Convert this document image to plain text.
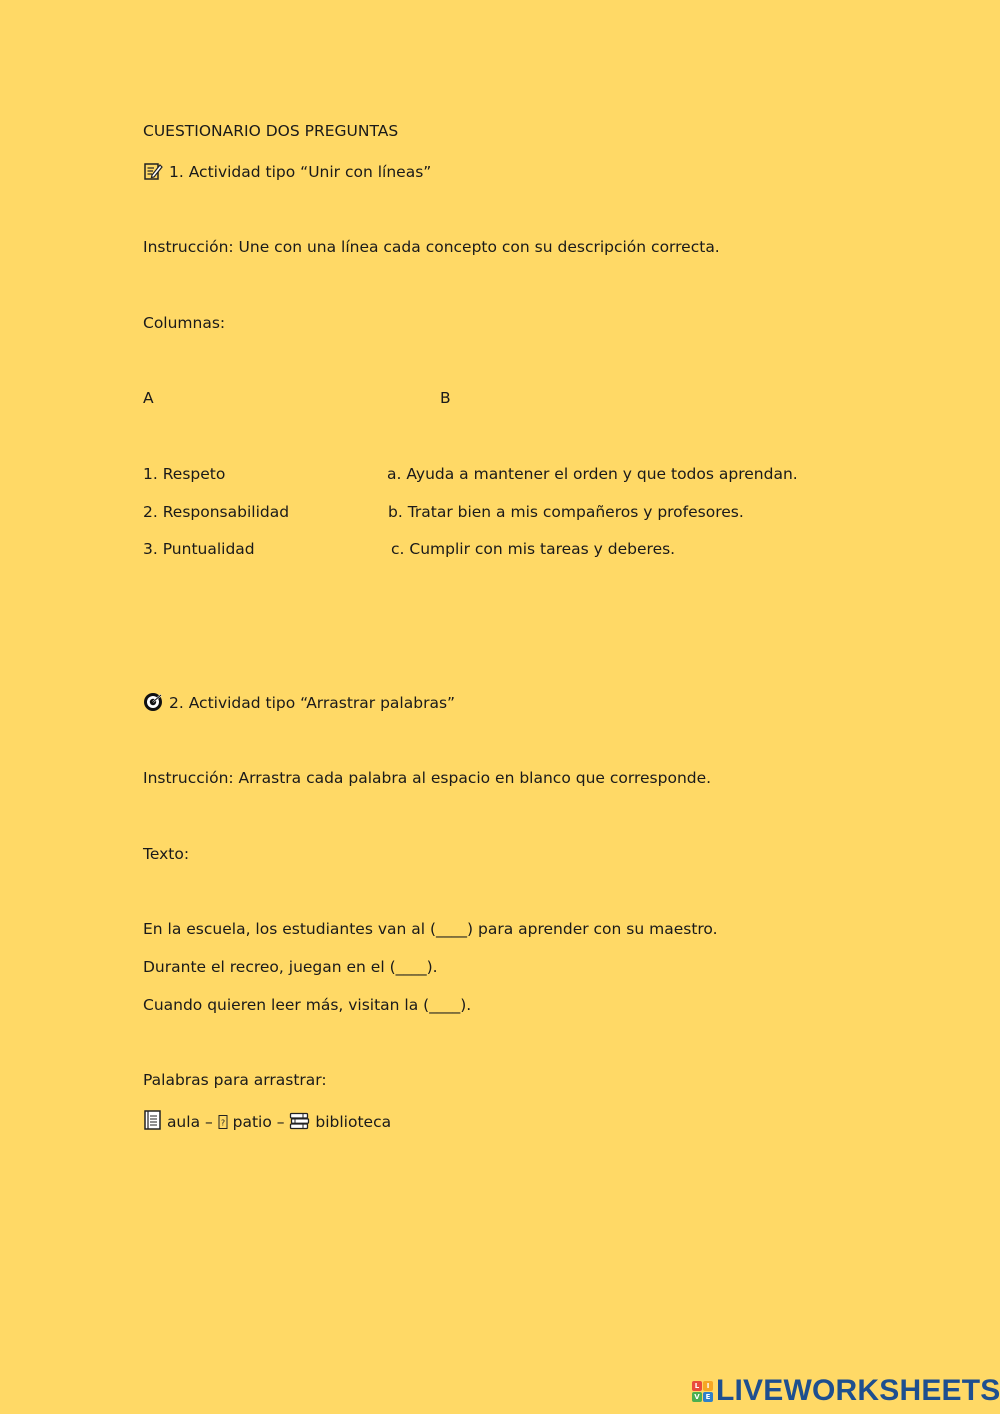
CUESTIONARIO DOS PREGUNTAS
1. Actividad tipo “Unir con líneas”
Instrucción: Une con una línea cada concepto con su descripción correcta.
Columnas:
A	B
1. Respeto	a. Ayuda a mantener el orden y que todos aprendan.
2. Responsabilidad	b. Tratar bien a mis compañeros y profesores.
3. Puntualidad	c. Cumplir con mis tareas y deberes.
2. Actividad tipo “Arrastrar palabras”
Instrucción: Arrastra cada palabra al espacio en blanco que corresponde.
Texto:
En la escuela, los estudiantes van al (____) para aprender con su maestro.
Durante el recreo, juegan en el (____).
Cuando quieren leer más, visitan la (____).
Palabras para arrastrar:
aula – ? patio – biblioteca
L	I
V E LIVEWORKSHEETS
